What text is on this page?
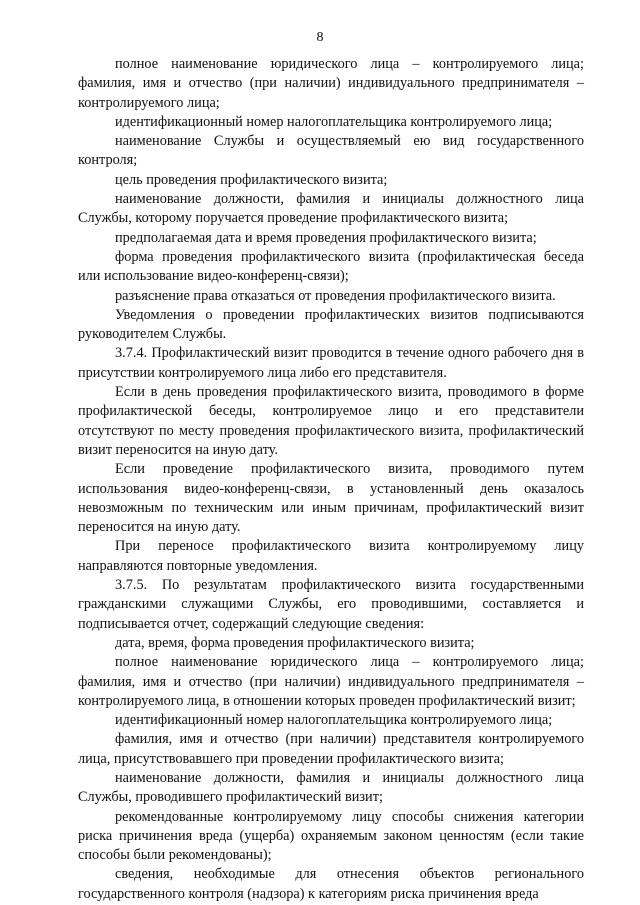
8

полное наименование юридического лица – контролируемого лица; фамилия, имя и отчество (при наличии) индивидуального предпринимателя – контролируемого лица;

идентификационный номер налогоплательщика контролируемого лица;

наименование Службы и осуществляемый ею вид государственного контроля;

цель проведения профилактического визита;

наименование должности, фамилия и инициалы должностного лица Службы, которому поручается проведение профилактического визита;

предполагаемая дата и время проведения профилактического визита;

форма проведения профилактического визита (профилактическая беседа или использование видео-конференц-связи);

разъяснение права отказаться от проведения профилактического визита.

Уведомления о проведении профилактических визитов подписываются руководителем Службы.

3.7.4. Профилактический визит проводится в течение одного рабочего дня в присутствии контролируемого лица либо его представителя.

Если в день проведения профилактического визита, проводимого в форме профилактической беседы, контролируемое лицо и его представители отсутствуют по месту проведения профилактического визита, профилактический визит переносится на иную дату.

Если проведение профилактического визита, проводимого путем использования видео-конференц-связи, в установленный день оказалось невозможным по техническим или иным причинам, профилактический визит переносится на иную дату.

При переносе профилактического визита контролируемому лицу направляются повторные уведомления.

3.7.5. По результатам профилактического визита государственными гражданскими служащими Службы, его проводившими, составляется и подписывается отчет, содержащий следующие сведения:

дата, время, форма проведения профилактического визита;

полное наименование юридического лица – контролируемого лица; фамилия, имя и отчество (при наличии) индивидуального предпринимателя – контролируемого лица, в отношении которых проведен профилактический визит;

идентификационный номер налогоплательщика контролируемого лица;

фамилия, имя и отчество (при наличии) представителя контролируемого лица, присутствовавшего при проведении профилактического визита;

наименование должности, фамилия и инициалы должностного лица Службы, проводившего профилактический визит;

рекомендованные контролируемому лицу способы снижения категории риска причинения вреда (ущерба) охраняемым законом ценностям (если такие способы были рекомендованы);

сведения, необходимые для отнесения объектов регионального государственного контроля (надзора) к категориям риска причинения вреда
